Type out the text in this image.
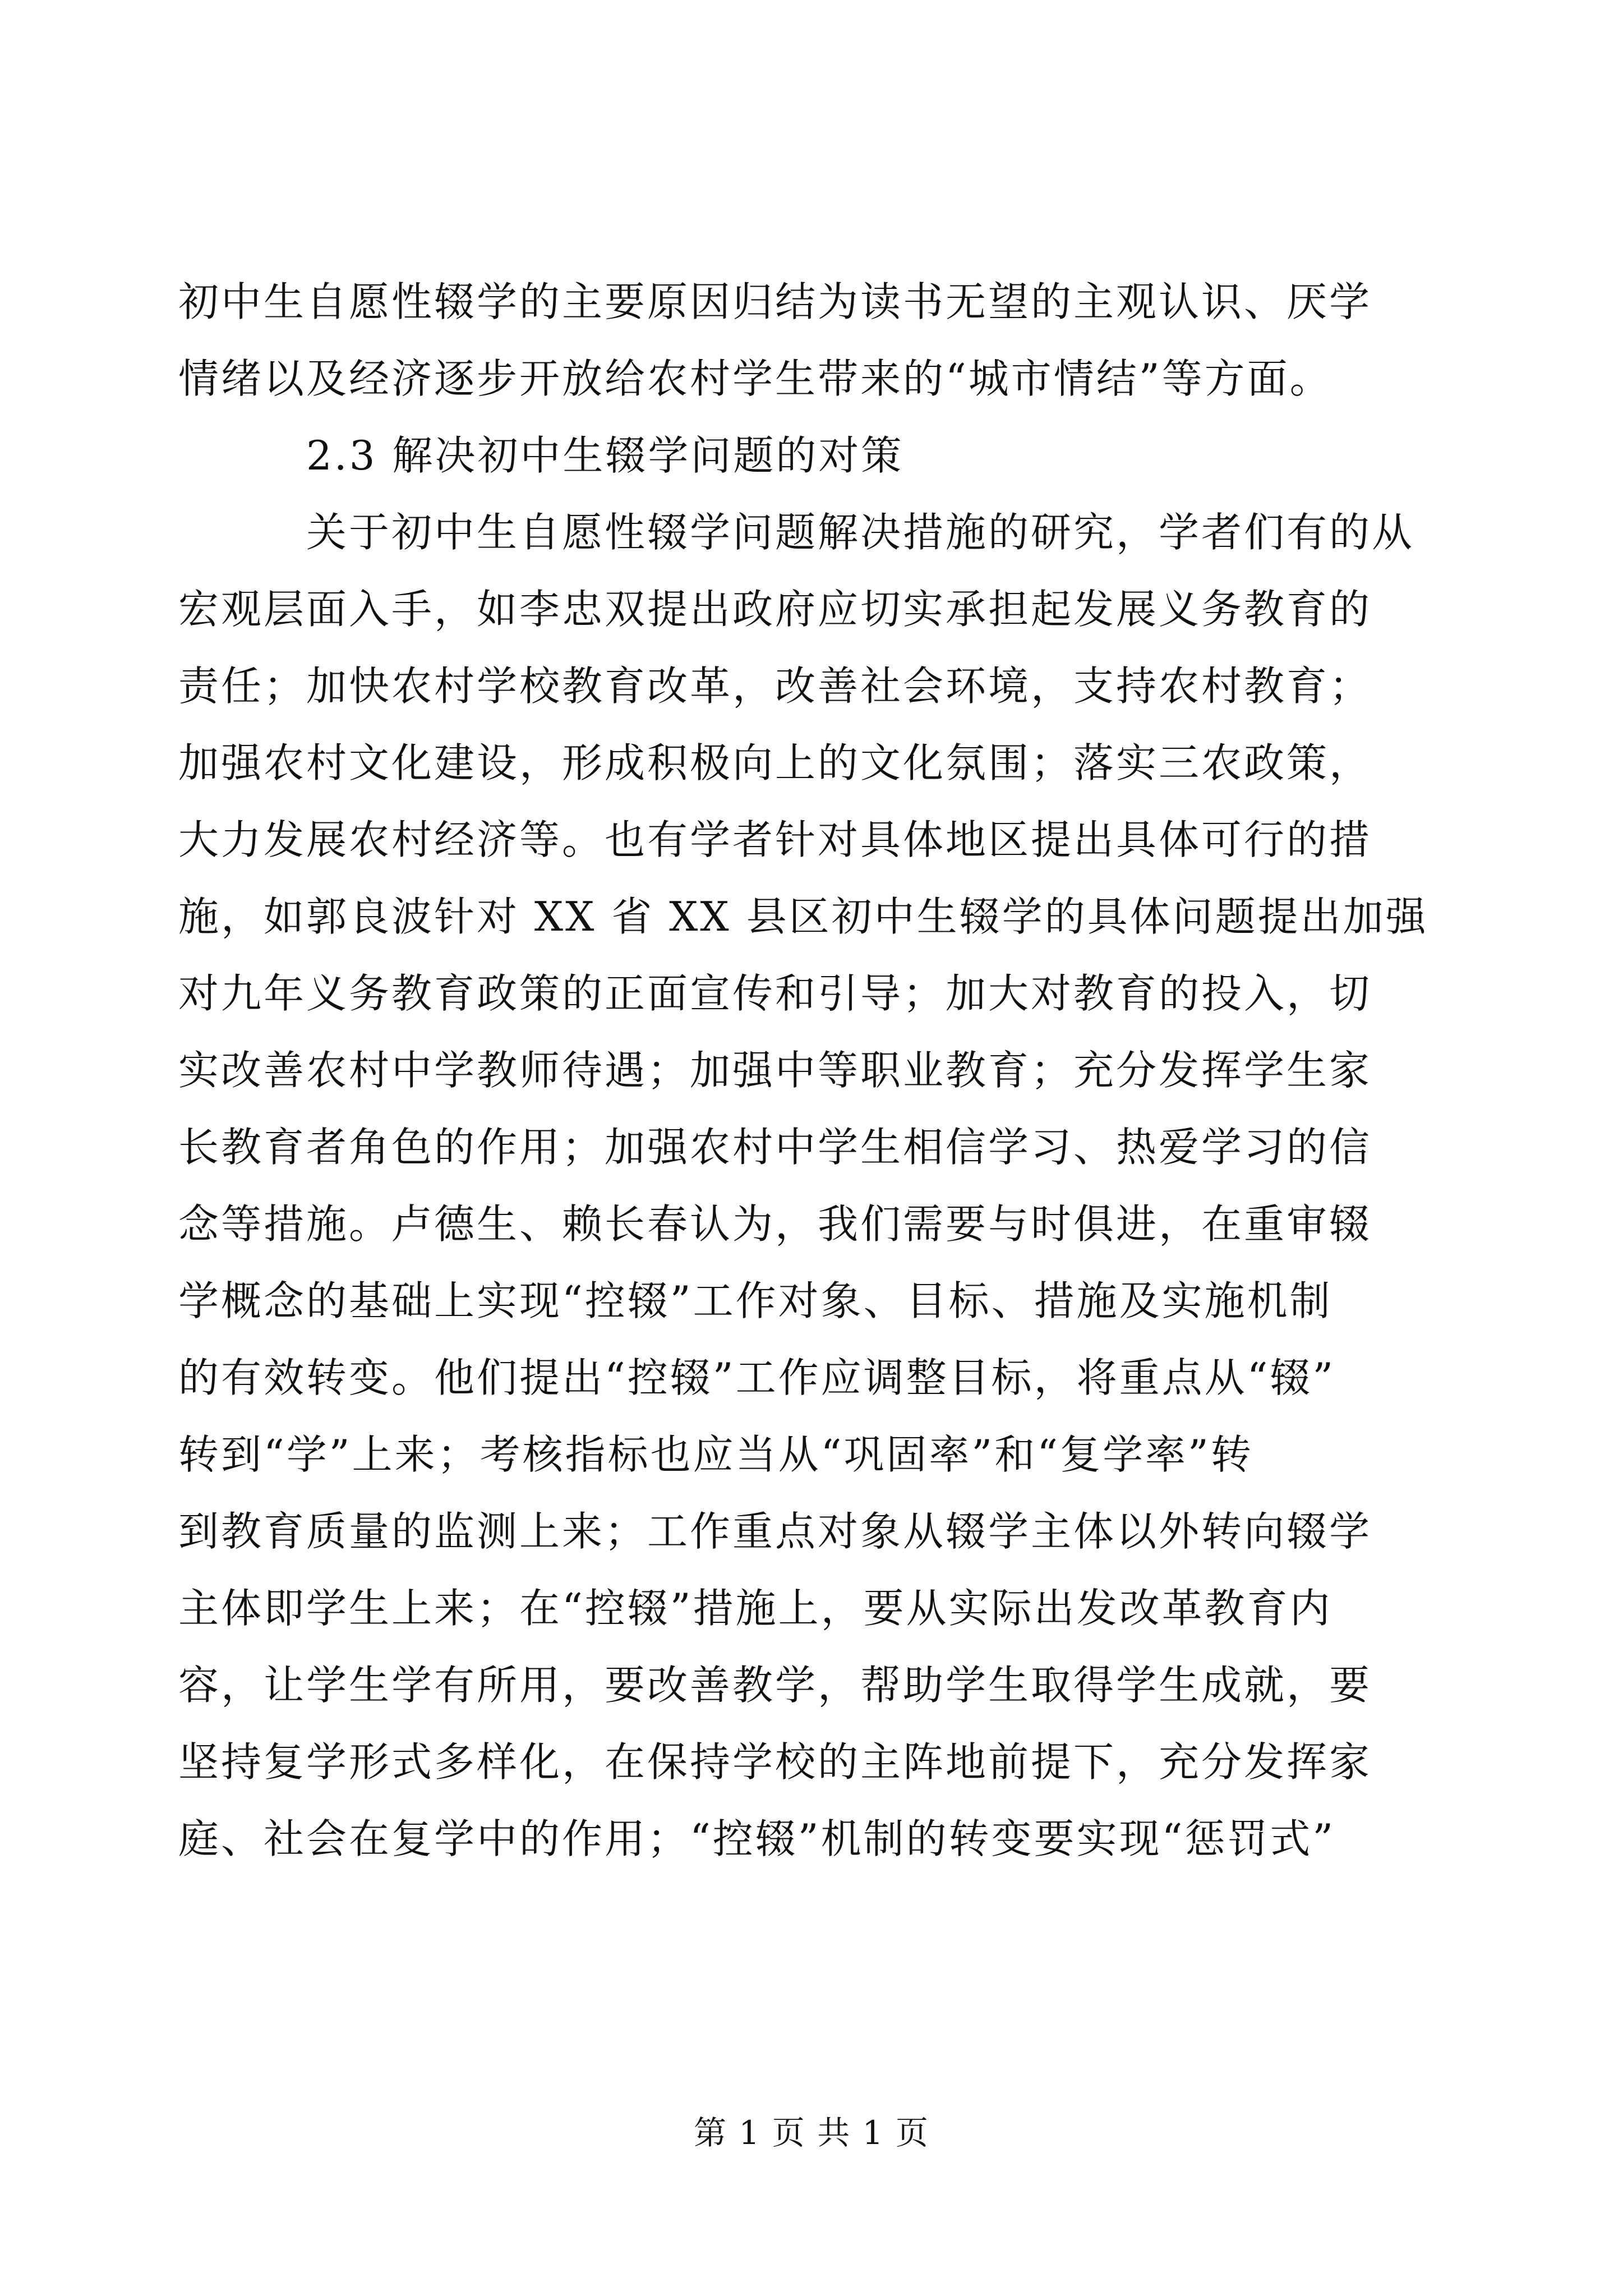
初中生自愿性辍学的主要原因归结为读书无望的主观认识、厌学
情绪以及经济逐步开放给农村学生带来的“城市情结”等方面。
2.3 解决初中生辍学问题的对策
关于初中生自愿性辍学问题解决措施的研究，学者们有的从
宏观层面入手，如李忠双提出政府应切实承担起发展义务教育的
责任；加快农村学校教育改革，改善社会环境，支持农村教育；
加强农村文化建设，形成积极向上的文化氛围；落实三农政策，
大力发展农村经济等。也有学者针对具体地区提出具体可行的措
施，如郭良波针对 XX 省 XX 县区初中生辍学的具体问题提出加强
对九年义务教育政策的正面宣传和引导；加大对教育的投入，切
实改善农村中学教师待遇；加强中等职业教育；充分发挥学生家
长教育者角色的作用；加强农村中学生相信学习、热爱学习的信
念等措施。卢德生、赖长春认为，我们需要与时俱进，在重审辍
学概念的基础上实现“控辍”工作对象、目标、措施及实施机制
的有效转变。他们提出“控辍”工作应调整目标，将重点从“辍”
转到“学”上来；考核指标也应当从“巩固率”和“复学率”转
到教育质量的监测上来；工作重点对象从辍学主体以外转向辍学
主体即学生上来；在“控辍”措施上，要从实际出发改革教育内
容，让学生学有所用，要改善教学，帮助学生取得学生成就，要
坚持复学形式多样化，在保持学校的主阵地前提下，充分发挥家
庭、社会在复学中的作用；“控辍”机制的转变要实现“惩罚式”
第 1 页 共 1 页
